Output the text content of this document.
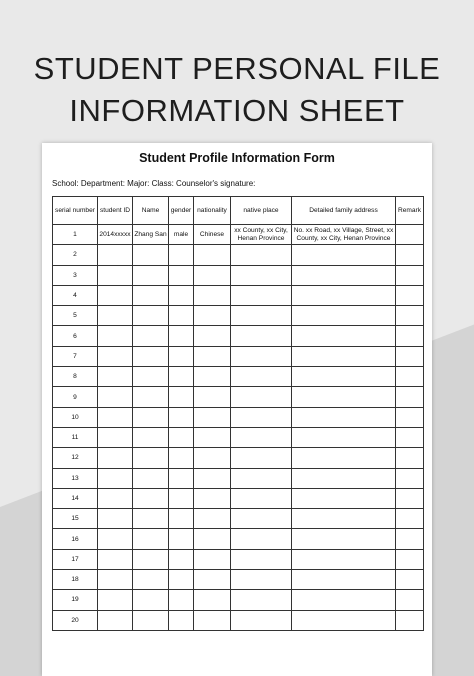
STUDENT PERSONAL FILE
INFORMATION SHEET
Student Profile Information Form
School: Department: Major: Class: Counselor's signature:
serial number	student ID	Name	gender	nationality	native place	Detailed family address	Remark
1	2014xxxxx	Zhang San	male	Chinese	xx County, xx City, Henan Province	No. xx Road, xx Village, Street, xx County, xx City, Henan Province	

2							
3							
4							
5							
6							
7							
8							
9							
10							
11							
12							
13							
14							
15							
16							
17							
18							
19							
20							
